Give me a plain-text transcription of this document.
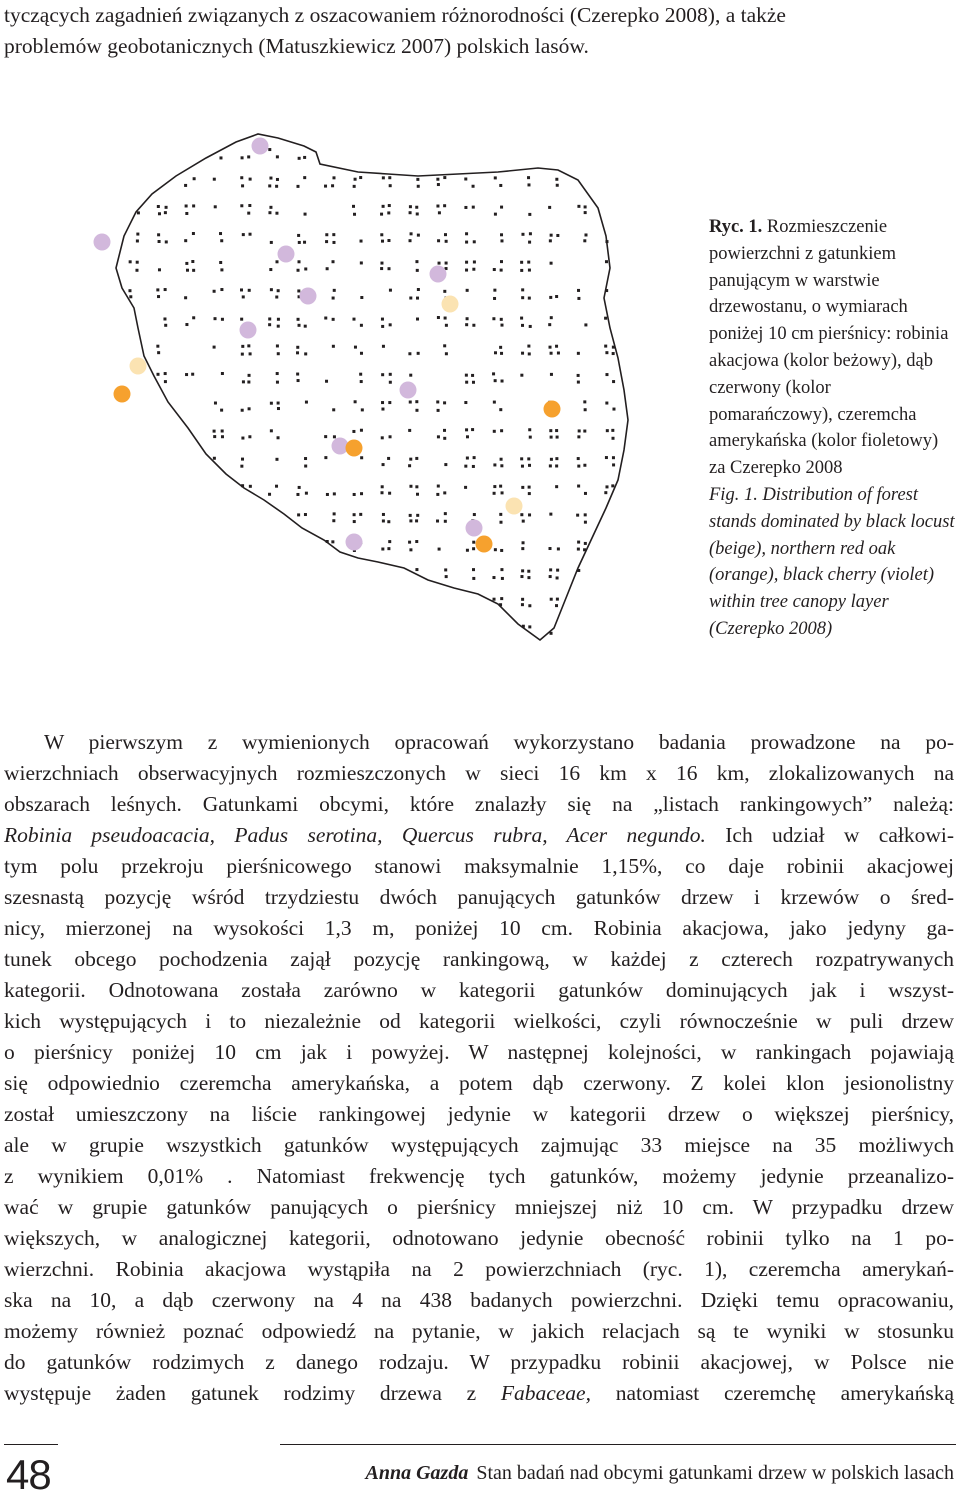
tyczących zagadnień związanych z oszacowaniem różnorodności (Czerepko 2008), a także
problemów geobotanicznych (Matuszkiewicz 2007) polskich lasów.

Ryc. 1. Rozmieszczenie powierzchni z gatunkiem panującym w warstwie drzewostanu, o wymiarach poniżej 10 cm pierśnicy: robinia akacjowa (kolor beżowy), dąb czerwony (kolor pomarańczowy), czeremcha amerykańska (kolor fioletowy) za Czerepko 2008
Fig. 1. Distribution of forest stands dominated by black locust (beige), northern red oak (orange), black cherry (violet) within tree canopy layer (Czerepko 2008)

W pierwszym z wymienionych opracowań wykorzystano badania prowadzone na po-
wierzchniach obserwacyjnych rozmieszczonych w sieci 16 km x 16 km, zlokalizowanych na
obszarach leśnych. Gatunkami obcymi, które znalazły się na „listach rankingowych” należą:
Robinia pseudoacacia, Padus serotina, Quercus rubra, Acer negundo. Ich udział w całkowi-
tym polu przekroju pierśnicowego stanowi maksymalnie 1,15%, co daje robinii akacjowej
szesnastą pozycję wśród trzydziestu dwóch panujących gatunków drzew i krzewów o śred-
nicy, mierzonej na wysokości 1,3 m, poniżej 10 cm. Robinia akacjowa, jako jedyny ga-
tunek obcego pochodzenia zajął pozycję rankingową, w każdej z czterech rozpatrywanych
kategorii. Odnotowana została zarówno w kategorii gatunków dominujących jak i wszyst-
kich występujących i to niezależnie od kategorii wielkości, czyli równocześnie w puli drzew
o pierśnicy poniżej 10 cm jak i powyżej. W następnej kolejności, w rankingach pojawiają
się odpowiednio czeremcha amerykańska, a potem dąb czerwony. Z kolei klon jesionolistny
został umieszczony na liście rankingowej jedynie w kategorii drzew o większej pierśnicy,
ale w grupie wszystkich gatunków występujących zajmując 33 miejsce na 35 możliwych
z wynikiem 0,01% . Natomiast frekwencję tych gatunków, możemy jedynie przeanalizo-
wać w grupie gatunków panujących o pierśnicy mniejszej niż 10 cm. W przypadku drzew
większych, w analogicznej kategorii, odnotowano jedynie obecność robinii tylko na 1 po-
wierzchni. Robinia akacjowa wystąpiła na 2 powierzchniach (ryc. 1), czeremcha amerykań-
ska na 10, a dąb czerwony na 4 na 438 badanych powierzchni. Dzięki temu opracowaniu,
możemy również poznać odpowiedź na pytanie, w jakich relacjach są te wyniki w stosunku
do gatunków rodzimych z danego rodzaju. W przypadku robinii akacjowej, w Polsce nie
występuje żaden gatunek rodzimy drzewa z Fabaceae, natomiast czeremchę amerykańską
48	Anna Gazda Stan badań nad obcymi gatunkami drzew w polskich lasach
